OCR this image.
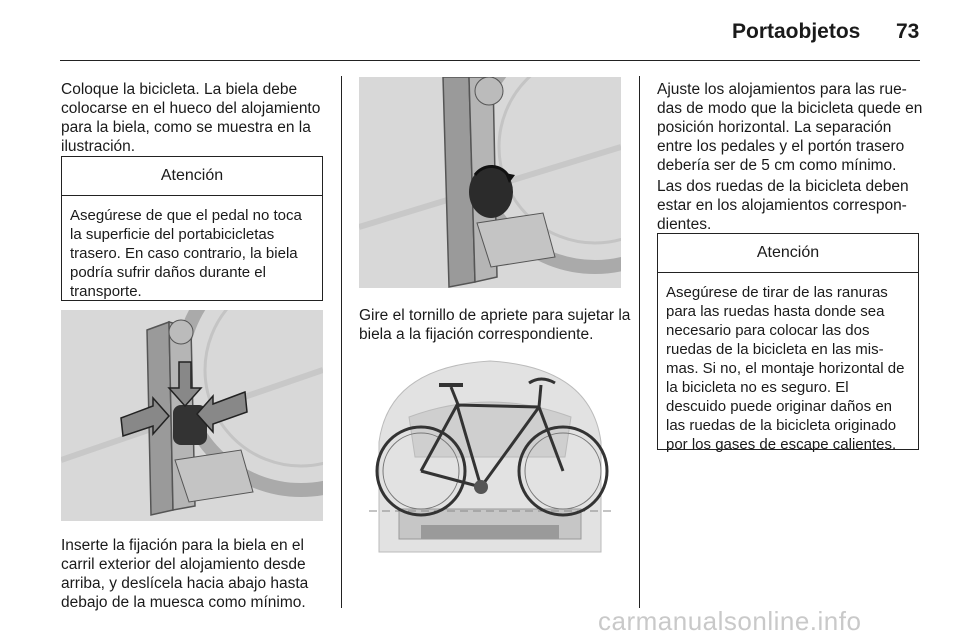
Portaobjetos 73

Coloque la bicicleta. La biela debe colocarse en el hueco del alojamiento para la biela, como se muestra en la ilustración.

Atención
Asegúrese de que el pedal no toca la superficie del portabicicletas trasero. En caso contrario, la biela podría sufrir daños durante el transporte.

Inserte la fijación para la biela en el carril exterior del alojamiento desde arriba, y deslícela hacia abajo hasta debajo de la muesca como mínimo.

Gire el tornillo de apriete para sujetar la biela a la fijación correspondiente.

Ajuste los alojamientos para las rue-das de modo que la bicicleta quede en posición horizontal. La separación entre los pedales y el portón trasero debería ser de 5 cm como mínimo.

Las dos ruedas de la bicicleta deben estar en los alojamientos correspon-dientes.

Atención
Asegúrese de tirar de las ranuras para las ruedas hasta donde sea necesario para colocar las dos ruedas de la bicicleta en las mis-mas. Si no, el montaje horizontal de la bicicleta no es seguro. El descuido puede originar daños en las ruedas de la bicicleta originado por los gases de escape calientes.
carmanualsonline.info
